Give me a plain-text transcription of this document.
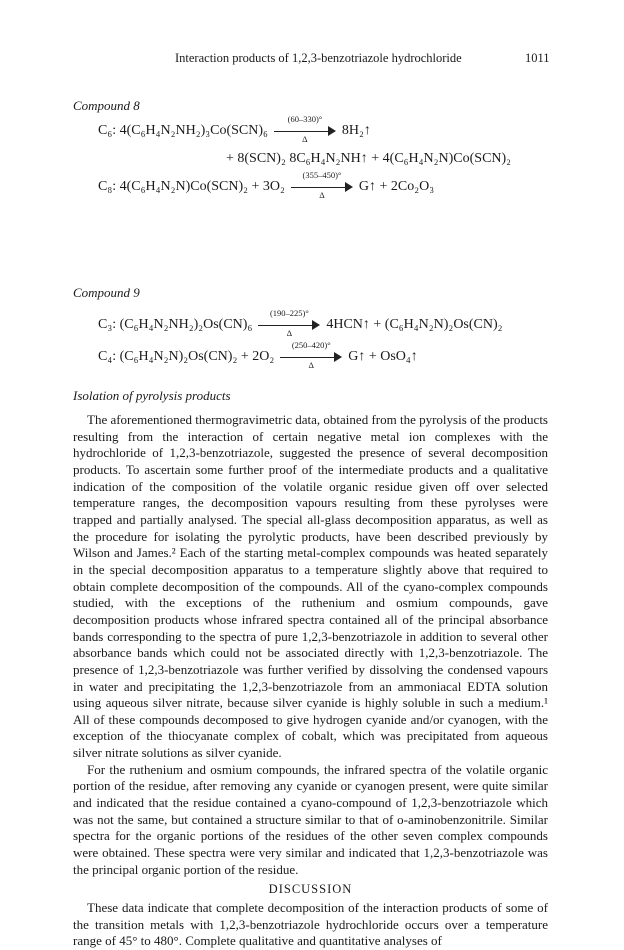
Interaction products of 1,2,3-benzotriazole hydrochloride	1011
Compound 8
C₆: $4(C_6H_4N_2NH_2)_3Co(SCN)_6 \frac{(60-330)^\circ}{\Delta}$ 8H₂↑
+ 8(SCN)₂ 8C₆H₄N₂NH↑ + 4(C₆H₄N₂N)Co(SCN)₂
C₈: $4(C_6H_4N_2N)Co(SCN)_2 + 3O_2 \frac{(355-450)^\circ}{\Delta}$ G↑ + 2Co₂O₃
Compound 9
C₃: $(C_6H_4N_2NH_2)_2Os(CN)_6 \frac{(190-225)^\circ}{\Delta}$ 4HCN↑ + (C₆H₄N₂N)₂Os(CN)₂
C₄: $(C_6H_4N_2N)_2Os(CN)_2 + 2O_2 \frac{(250-420)^\circ}{\Delta}$ G↑ + OsO₄↑
Isolation of pyrolysis products

The aforementioned thermogravimetric data, obtained from the pyrolysis of the products resulting from the interaction of certain negative metal ion complexes with the hydrochloride of 1,2,3-benzotriazole, suggested the presence of several decomposition products. To ascertain some further proof of the intermediate products and a qualitative indication of the composition of the volatile organic residue given off over selected temperature ranges, the decomposition vapours resulting from these pyrolyses were trapped and partially analysed. The special all-glass decomposition apparatus, as well as the procedure for isolating the pyrolytic products, have been described previously by Wilson and James.² Each of the starting metal-complex compounds was heated separately in the special decomposition apparatus to a temperature slightly above that required to obtain complete decomposition of the compounds. All of the cyano-complex compounds studied, with the exceptions of the ruthenium and osmium compounds, gave decomposition products whose infrared spectra contained all of the principal absorbance bands corresponding to the spectra of pure 1,2,3-benzotriazole in addition to several other absorbance bands which could not be associated directly with 1,2,3-benzotriazole. The presence of 1,2,3-benzotriazole was further verified by dissolving the condensed vapours in water and precipitating the 1,2,3-benzotriazole from an ammoniacal EDTA solution using aqueous silver nitrate, because silver cyanide is highly soluble in such a medium.¹ All of these compounds decomposed to give hydrogen cyanide and/or cyanogen, with the exception of the thiocyanate complex of cobalt, which was precipitated from aqueous silver nitrate solutions as silver cyanide.

For the ruthenium and osmium compounds, the infrared spectra of the volatile organic portion of the residue, after removing any cyanide or cyanogen present, were quite similar and indicated that the residue contained a cyano-compound of 1,2,3-benzotriazole which was not the same, but contained a structure similar to that of o-aminobenzonitrile. Similar spectra for the organic portions of the residues of the other seven complex compounds were obtained. These spectra were very similar and indicated that 1,2,3-benzotriazole was the principal organic portion of the residue.

DISCUSSION

These data indicate that complete decomposition of the interaction products of some of the transition metals with 1,2,3-benzotriazole hydrochloride occurs over a temperature range of 45° to 480°. Complete qualitative and quantitative analyses of
